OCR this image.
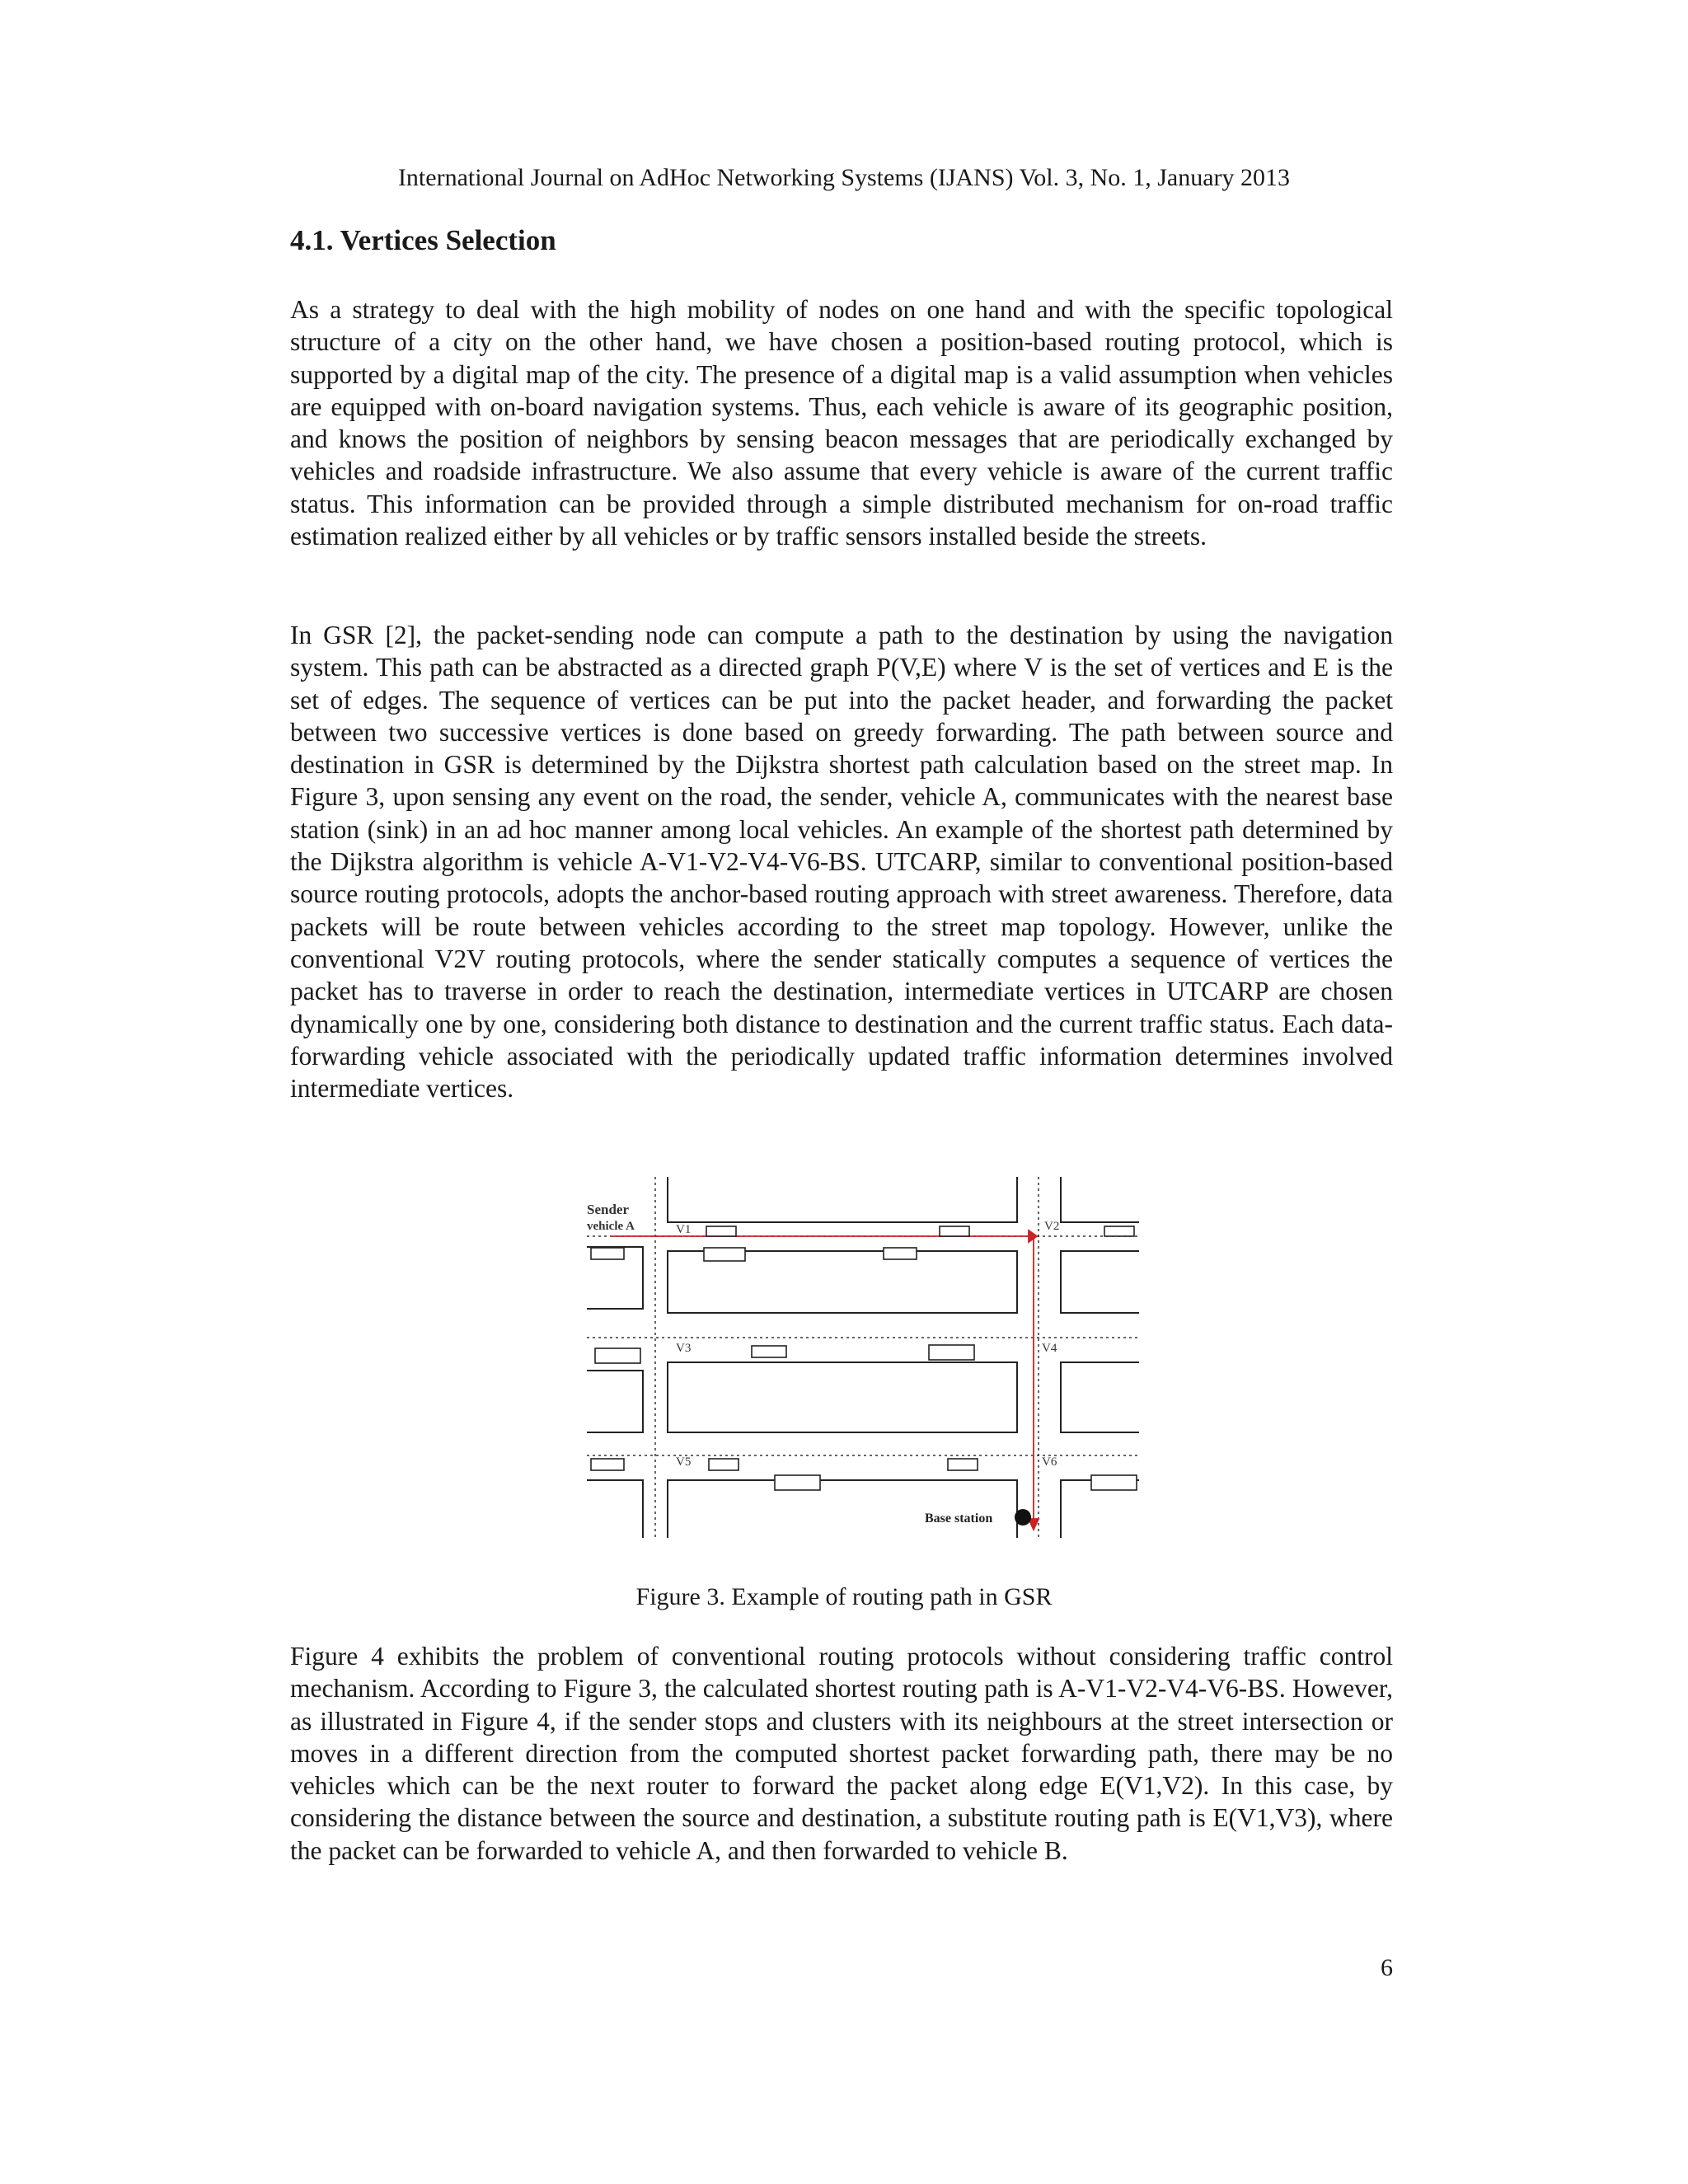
International Journal on AdHoc Networking Systems (IJANS) Vol. 3, No. 1, January 2013
4.1. Vertices Selection

As a strategy to deal with the high mobility of nodes on one hand and with the specific topological structure of a city on the other hand, we have chosen a position-based routing protocol, which is supported by a digital map of the city. The presence of a digital map is a valid assumption when vehicles are equipped with on-board navigation systems. Thus, each vehicle is aware of its geographic position, and knows the position of neighbors by sensing beacon messages that are periodically exchanged by vehicles and roadside infrastructure. We also assume that every vehicle is aware of the current traffic status. This information can be provided through a simple distributed mechanism for on-road traffic estimation realized either by all vehicles or by traffic sensors installed beside the streets.

In GSR [2], the packet-sending node can compute a path to the destination by using the navigation system. This path can be abstracted as a directed graph P(V,E) where V is the set of vertices and E is the set of edges. The sequence of vertices can be put into the packet header, and forwarding the packet between two successive vertices is done based on greedy forwarding. The path between source and destination in GSR is determined by the Dijkstra shortest path calculation based on the street map. In Figure 3, upon sensing any event on the road, the sender, vehicle A, communicates with the nearest base station (sink) in an ad hoc manner among local vehicles. An example of the shortest path determined by the Dijkstra algorithm is vehicle A-V1-V2-V4-V6-BS. UTCARP, similar to conventional position-based source routing protocols, adopts the anchor-based routing approach with street awareness. Therefore, data packets will be route between vehicles according to the street map topology. However, unlike the conventional V2V routing protocols, where the sender statically computes a sequence of vertices the packet has to traverse in order to reach the destination, intermediate vertices in UTCARP are chosen dynamically one by one, considering both distance to destination and the current traffic status. Each data-forwarding vehicle associated with the periodically updated traffic information determines involved intermediate vertices.

Sender
vehicle A	V1	V2
V3	V4
V5	V6
Base station
Figure 3. Example of routing path in GSR

Figure 4 exhibits the problem of conventional routing protocols without considering traffic control mechanism. According to Figure 3, the calculated shortest routing path is A-V1-V2-V4-V6-BS. However, as illustrated in Figure 4, if the sender stops and clusters with its neighbours at the street intersection or moves in a different direction from the computed shortest packet forwarding path, there may be no vehicles which can be the next router to forward the packet along edge E(V1,V2). In this case, by considering the distance between the source and destination, a substitute routing path is E(V1,V3), where the packet can be forwarded to vehicle A, and then forwarded to vehicle B.

6
